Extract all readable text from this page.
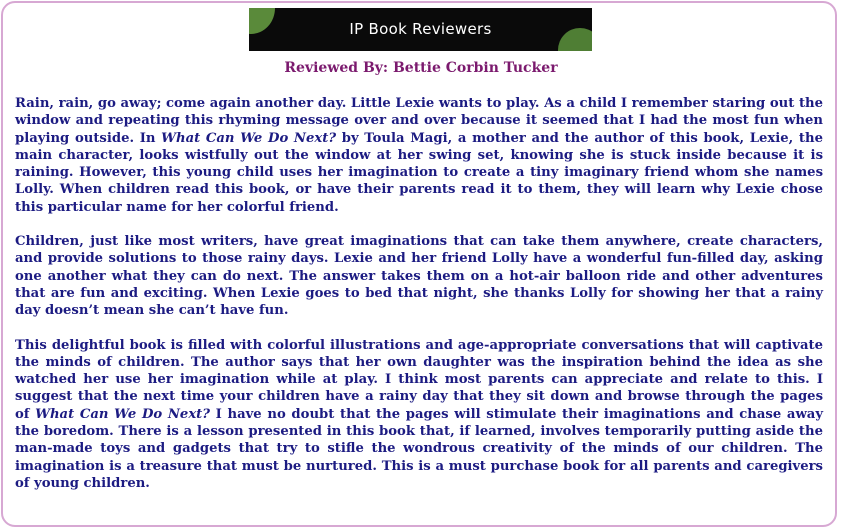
IP Book Reviewers
Reviewed By: Bettie Corbin Tucker

Rain, rain, go away; come again another day. Little Lexie wants to play. As a child I remember staring out the window and repeating this rhyming message over and over because it seemed that I had the most fun when playing outside. In What Can We Do Next? by Toula Magi, a mother and the author of this book, Lexie, the main character, looks wistfully out the window at her swing set, knowing she is stuck inside because it is raining. However, this young child uses her imagination to create a tiny imaginary friend whom she names Lolly. When children read this book, or have their parents read it to them, they will learn why Lexie chose this particular name for her colorful friend.

Children, just like most writers, have great imaginations that can take them anywhere, create characters, and provide solutions to those rainy days. Lexie and her friend Lolly have a wonderful fun-filled day, asking one another what they can do next. The answer takes them on a hot-air balloon ride and other adventures that are fun and exciting. When Lexie goes to bed that night, she thanks Lolly for showing her that a rainy day doesn’t mean she can’t have fun.

This delightful book is filled with colorful illustrations and age-appropriate conversations that will captivate the minds of children. The author says that her own daughter was the inspiration behind the idea as she watched her use her imagination while at play. I think most parents can appreciate and relate to this. I suggest that the next time your children have a rainy day that they sit down and browse through the pages of What Can We Do Next? I have no doubt that the pages will stimulate their imaginations and chase away the boredom. There is a lesson presented in this book that, if learned, involves temporarily putting aside the man-made toys and gadgets that try to stifle the wondrous creativity of the minds of our children. The imagination is a treasure that must be nurtured. This is a must purchase book for all parents and caregivers of young children.
